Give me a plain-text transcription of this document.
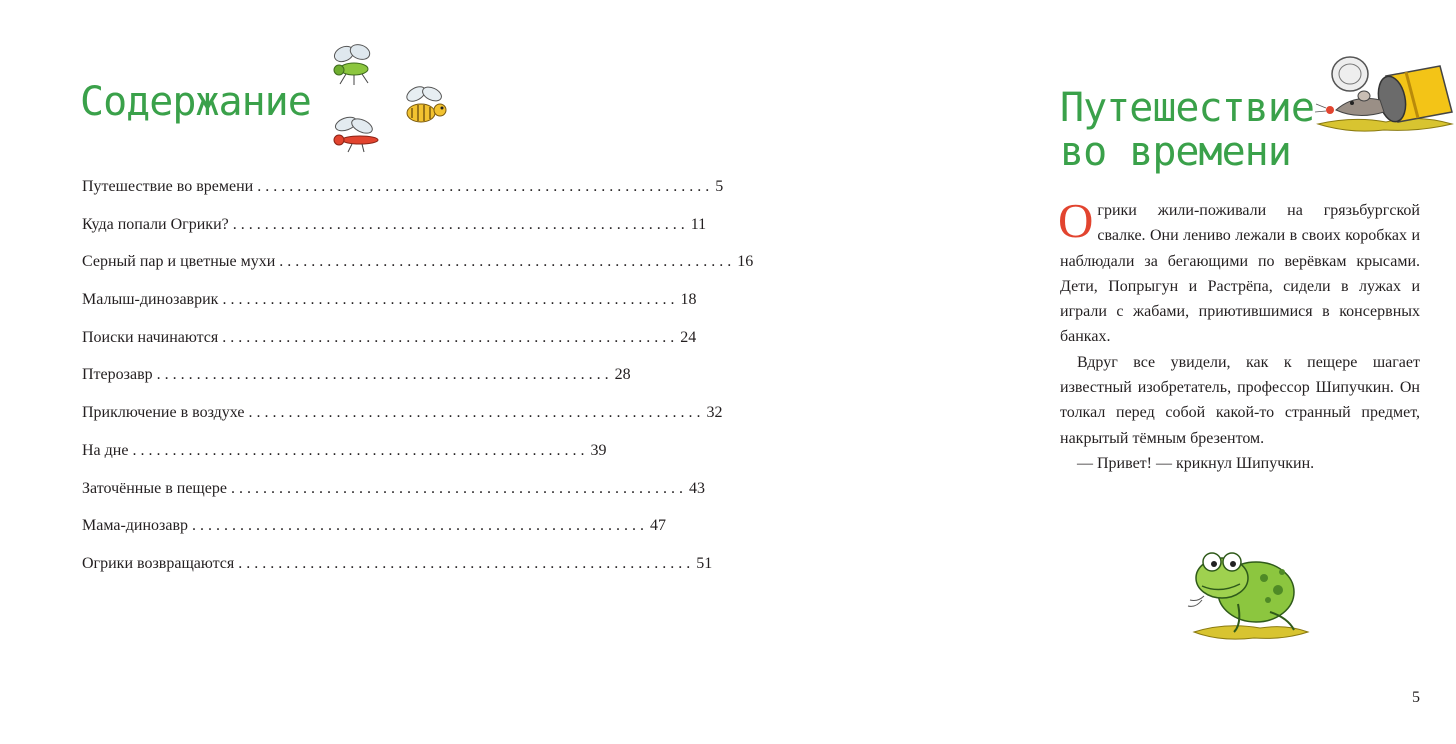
Содержание
Путешествие во времени . . .	5
Куда попали Огрики? . . .	11
Серный пар и цветные мухи . . .	16
Малыш-динозаврик . . .	18
Поиски начинаются . . .	24
Птерозавр . . .	28
Приключение в воздухе . . .	32
На дне . . .	39
Заточённые в пещере . . .	43
Мама-динозавр . . .	47
Огрики возвращаются . . .	51
Путешествие
во времени

Огрики жили-поживали на грязьбургской свалке. Они лениво лежали в своих коробках и наблюдали за бегающими по верёвкам крысами. Дети, Попрыгун и Растрёпа, сидели в лужах и играли с жабами, приютившимися в консервных банках.

Вдруг все увидели, как к пещере шагает известный изобретатель, профессор Шипучкин. Он толкал перед собой какой-то странный предмет, накрытый тёмным брезентом.

— Привет! — крикнул Шипучкин.

5
